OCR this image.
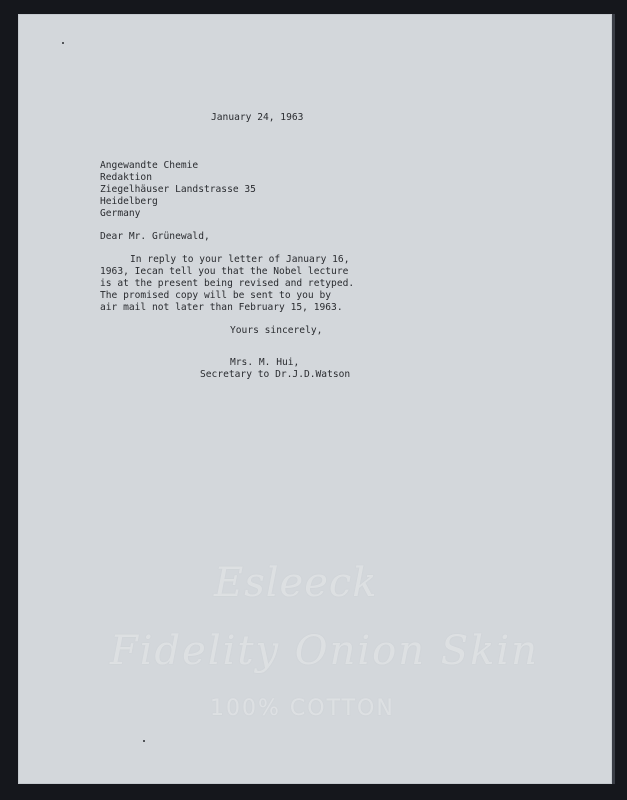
Esleeck
Fidelity Onion Skin
100% COTTON
January 24, 1963
Angewandte Chemie
Redaktion
Ziegelhäuser Landstrasse 35
Heidelberg
Germany
Dear Mr. Grünewald,
In reply to your letter of January 16,
1963, Iecan tell you that the Nobel lecture
is at the present being revised and retyped.
The promised copy will be sent to you by
air mail not later than February 15, 1963.
Yours sincerely,
Mrs. M. Hui,
Secretary to Dr.J.D.Watson
